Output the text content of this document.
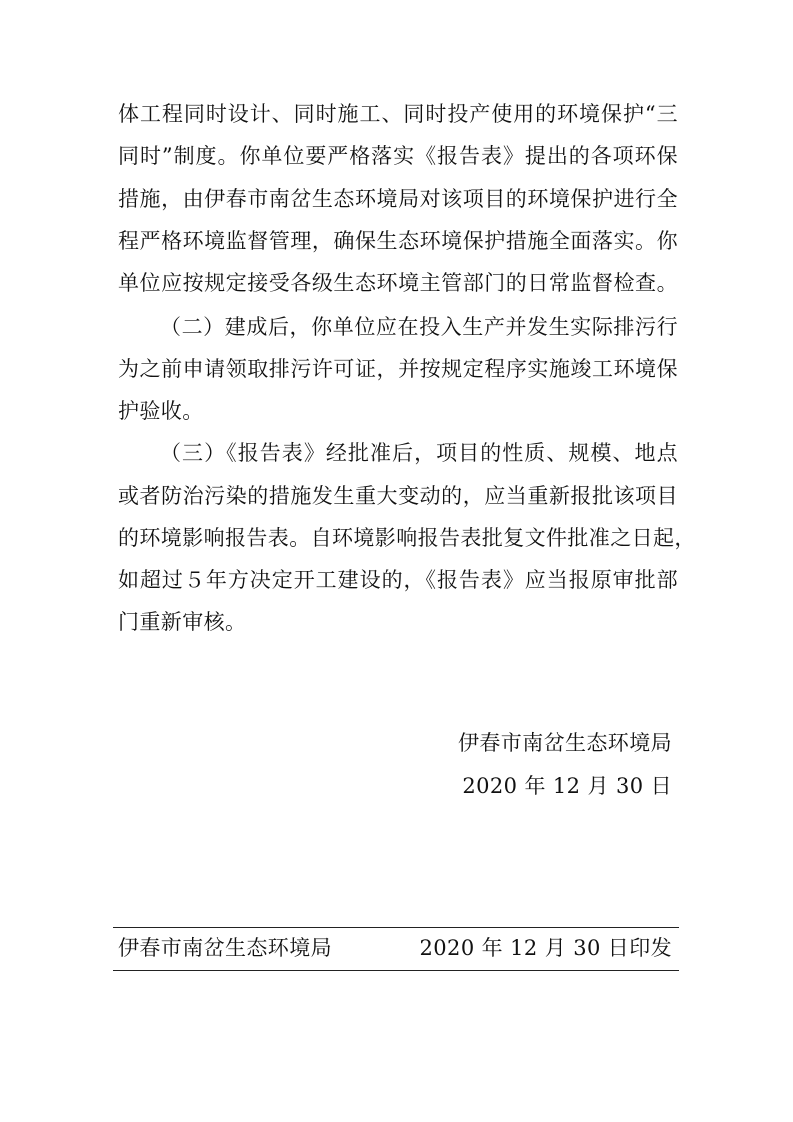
体工程同时设计、同时施工、同时投产使用的环境保护“三
同时”制度。你单位要严格落实《报告表》提出的各项环保
措施，由伊春市南岔生态环境局对该项目的环境保护进行全
程严格环境监督管理，确保生态环境保护措施全面落实。你
单位应按规定接受各级生态环境主管部门的日常监督检查。
（二）建成后，你单位应在投入生产并发生实际排污行
为之前申请领取排污许可证，并按规定程序实施竣工环境保
护验收。
（三）《报告表》经批准后，项目的性质、规模、地点
或者防治污染的措施发生重大变动的，应当重新报批该项目
的环境影响报告表。自环境影响报告表批复文件批准之日起，
如超过５年方决定开工建设的，《报告表》应当报原审批部
门重新审核。
伊春市南岔生态环境局
2020 年 12 月 30 日
伊春市南岔生态环境局	2020 年 12 月 30 日印发
